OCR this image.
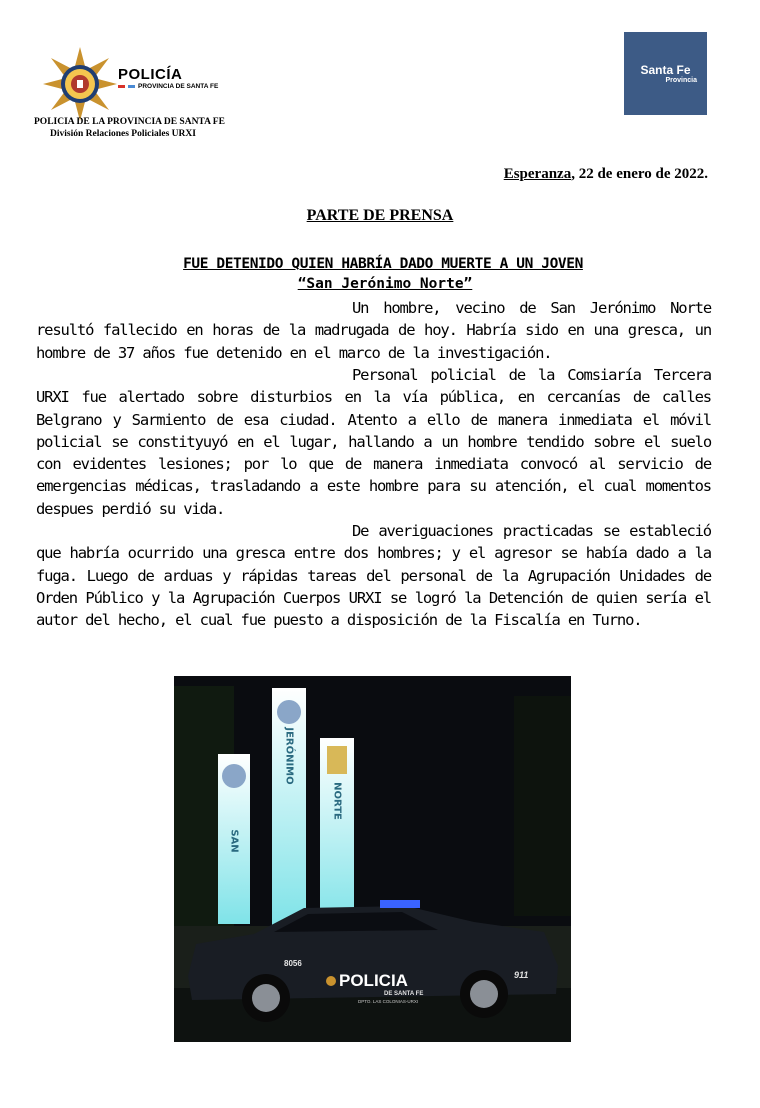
POLICÍA
PROVINCIA DE SANTA FE
POLICIA DE LA PROVINCIA DE SANTA FE
División Relaciones Policiales URXI
Santa Fe
Provincia
Esperanza, 22 de enero de 2022.
PARTE DE PRENSA
FUE DETENIDO QUIEN HABRÍA DADO MUERTE A UN JOVEN
“San Jerónimo Norte”
Un hombre, vecino de San Jerónimo Norte resultó fallecido en horas de la madrugada de hoy. Habría sido en una gresca, un hombre de 37 años fue detenido en el marco de la investigación.
Personal policial de la Comsiaría Tercera URXI fue alertado sobre disturbios en la vía pública, en cercanías de calles Belgrano y Sarmiento de esa ciudad. Atento a ello de manera inmediata el móvil policial se constityuyó en el lugar, hallando a un hombre tendido sobre el suelo con evidentes lesiones; por lo que de manera inmediata convocó al servicio de emergencias médicas, trasladando a este hombre para su atención, el cual momentos despues perdió su vida.
De averiguaciones practicadas se estableció que habría ocurrido una gresca entre dos hombres; y el agresor se había dado a la fuga. Luego de arduas y rápidas tareas del personal de la Agrupación Unidades de Orden Público y la Agrupación Cuerpos URXI se logró la Detención de quien sería el autor del hecho, el cual fue puesto a disposición de la Fiscalía en Turno.
SAN
JERÓNIMO
NORTE
8056
POLICIA
DE SANTA FE
DPTO. LAS COLONIAS-URXI
911
